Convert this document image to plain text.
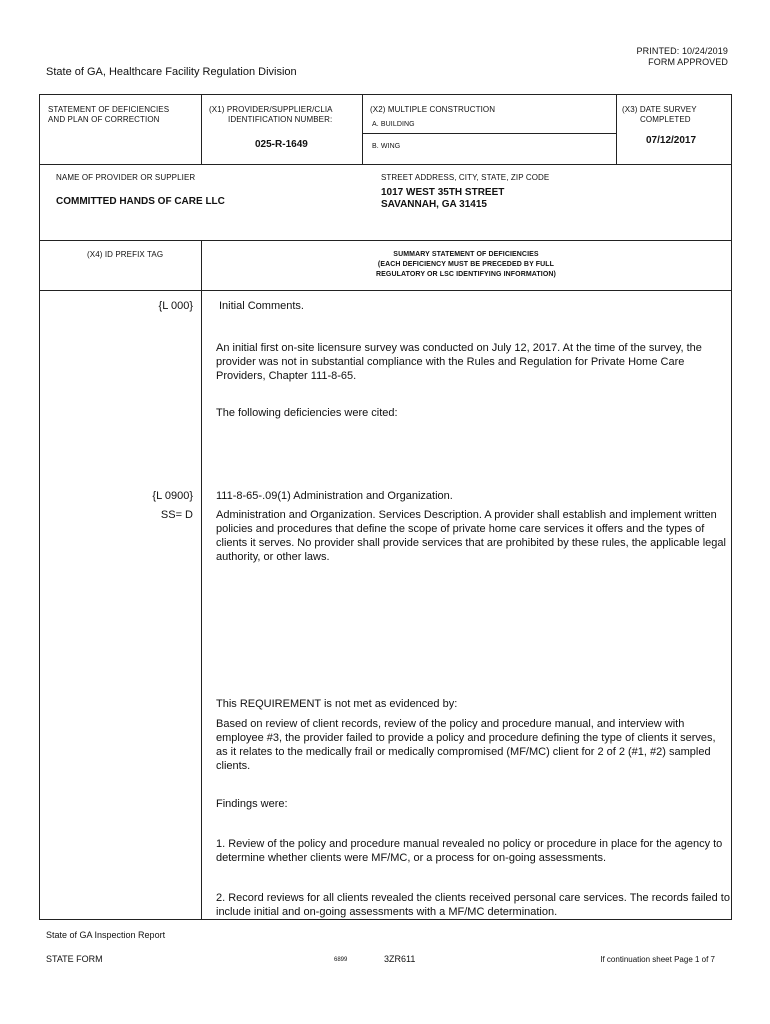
PRINTED: 10/24/2019
FORM APPROVED
State of GA, Healthcare Facility Regulation Division
STATEMENT OF DEFICIENCIES
AND PLAN OF CORRECTION
(X1) PROVIDER/SUPPLIER/CLIA
IDENTIFICATION NUMBER:
025-R-1649
(X2) MULTIPLE CONSTRUCTION
A. BUILDING
B. WING
(X3) DATE SURVEY
COMPLETED
07/12/2017
NAME OF PROVIDER OR SUPPLIER
COMMITTED HANDS OF CARE LLC
STREET ADDRESS, CITY, STATE, ZIP CODE
1017 WEST 35TH STREET
SAVANNAH, GA 31415
(X4) ID PREFIX TAG	SUMMARY STATEMENT OF DEFICIENCIES
(EACH DEFICIENCY MUST BE PRECEDED BY FULL
REGULATORY OR LSC IDENTIFYING INFORMATION)
{L 000} Initial Comments.
An initial first on-site licensure survey was conducted on July 12, 2017. At the time of the survey, the provider was not in substantial compliance with the Rules and Regulation for Private Home Care Providers, Chapter 111-8-65.
The following deficiencies were cited:
{L 0900}
SS= D
111-8-65-.09(1) Administration and Organization.
Administration and Organization. Services Description. A provider shall establish and implement written policies and procedures that define the scope of private home care services it offers and the types of clients it serves. No provider shall provide services that are prohibited by these rules, the applicable legal authority, or other laws.
This REQUIREMENT is not met as evidenced by:
Based on review of client records, review of the policy and procedure manual, and interview with employee #3, the provider failed to provide a policy and procedure defining the type of clients it serves, as it relates to the medically frail or medically compromised (MF/MC) client for 2 of 2 (#1, #2) sampled clients.
Findings were:
1. Review of the policy and procedure manual revealed no policy or procedure in place for the agency to determine whether clients were MF/MC, or a process for on-going assessments.
2. Record reviews for all clients revealed the clients received personal care services. The records failed to include initial and on-going assessments with a MF/MC determination.
State of GA Inspection Report
STATE FORM	6899	3ZR611	If continuation sheet Page 1 of 7
